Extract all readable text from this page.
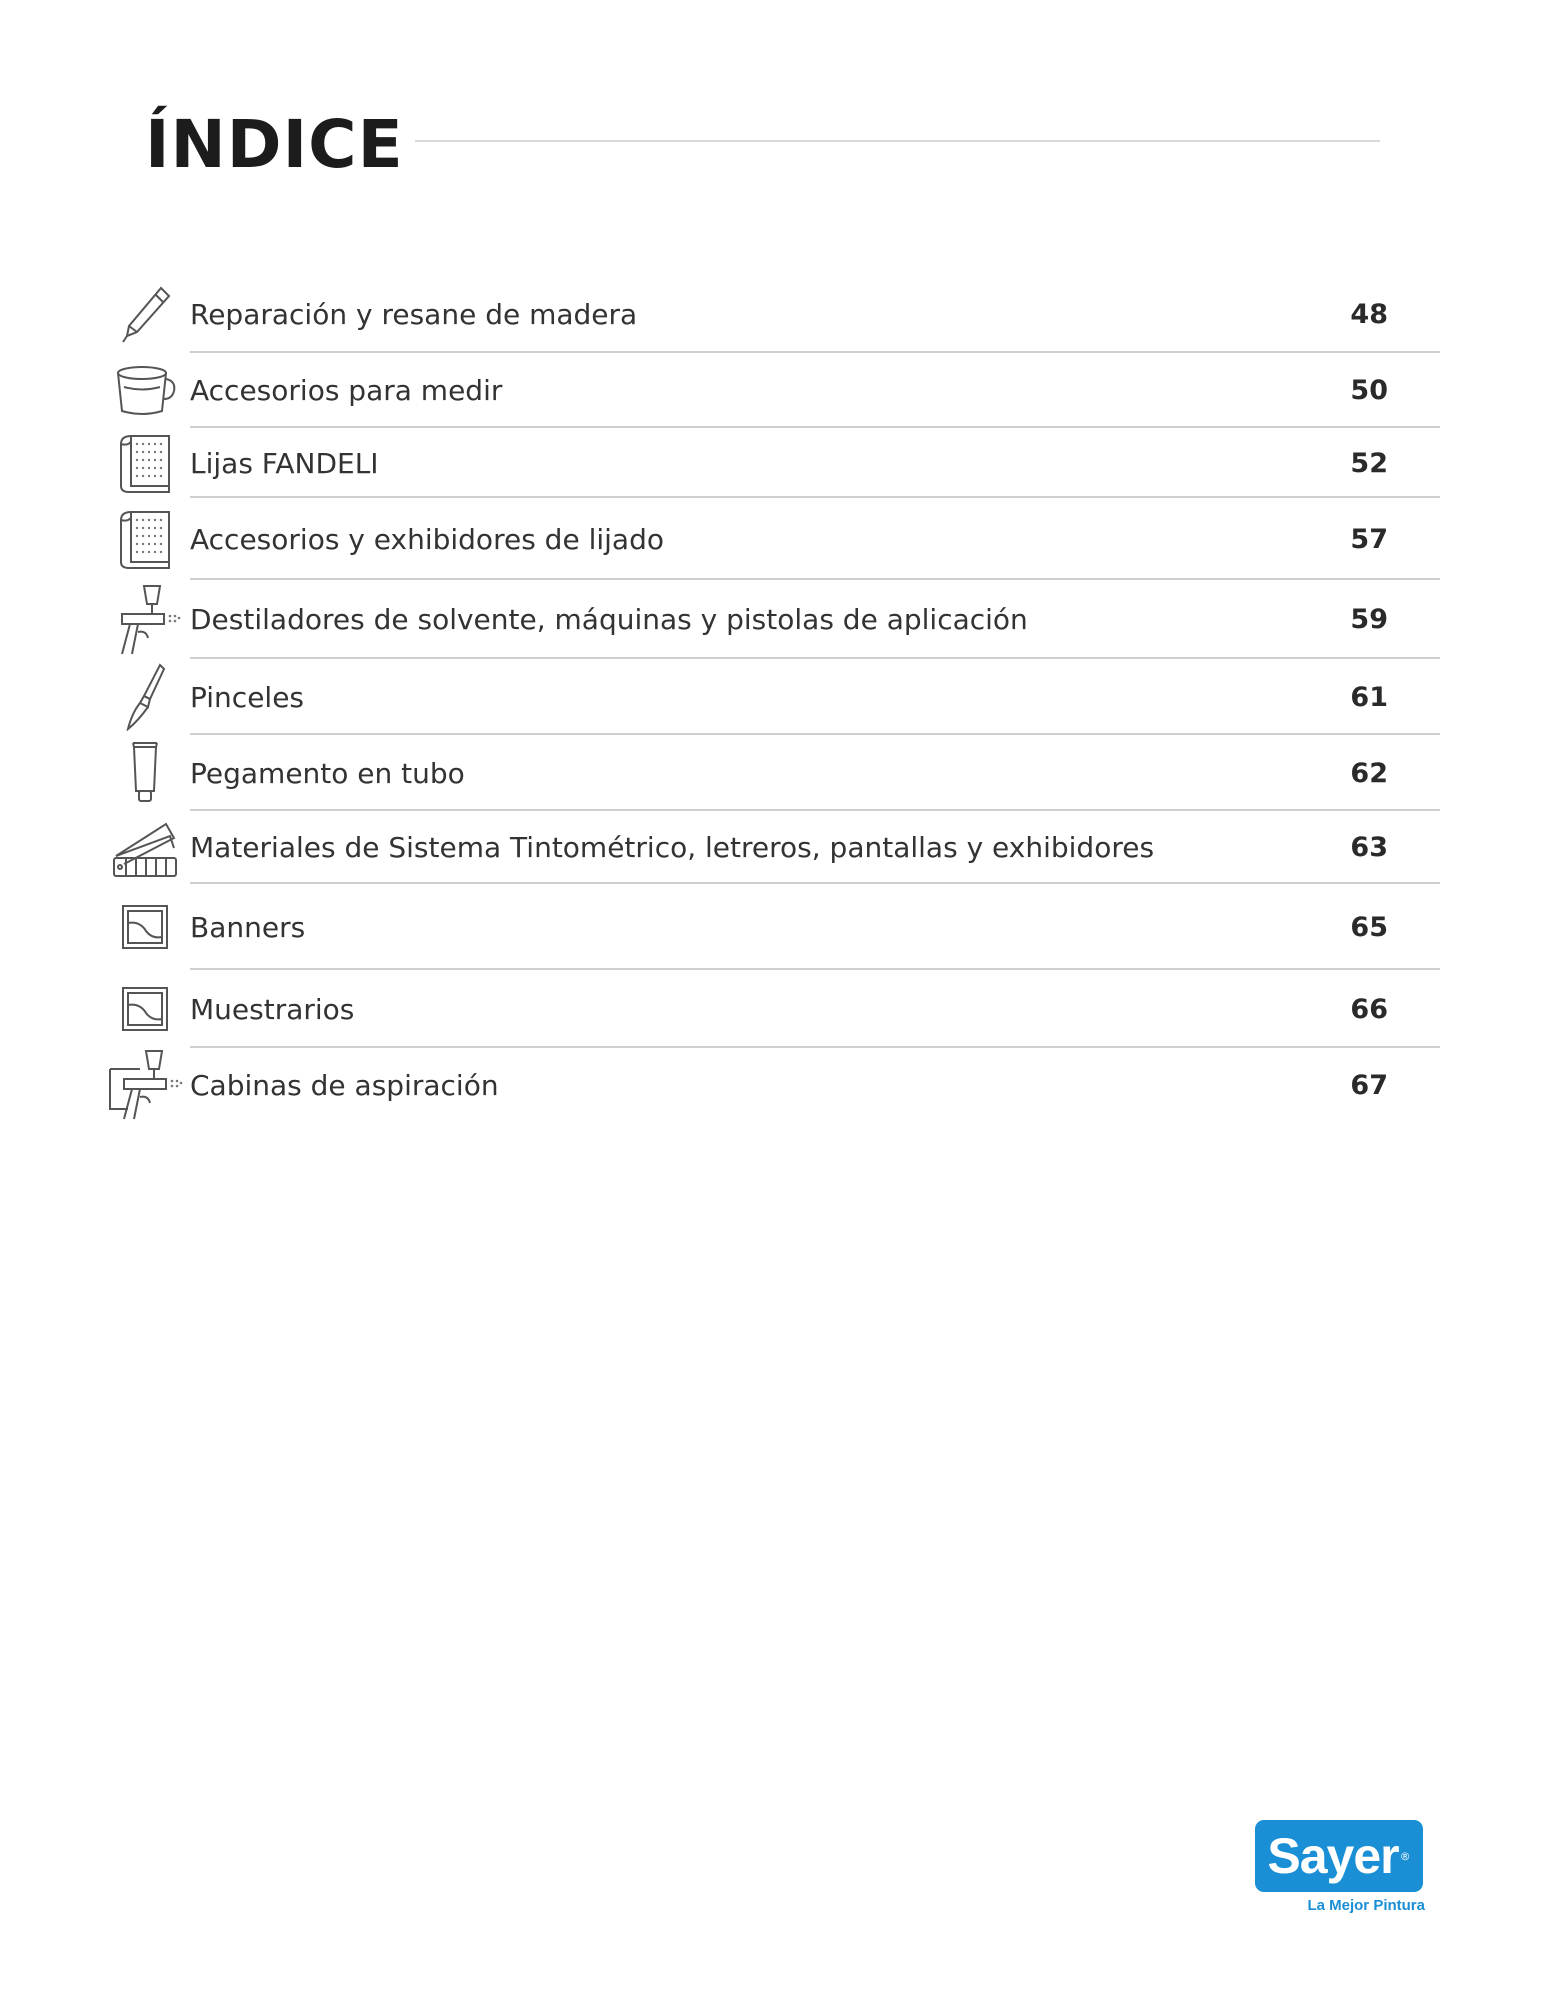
ÍNDICE
Reparación y resane de madera	48
Accesorios para medir	50
Lijas FANDELI	52
Accesorios y exhibidores de lijado	57
Destiladores de solvente, máquinas y pistolas de aplicación	59
Pinceles	61
Pegamento en tubo	62
Materiales de Sistema Tintométrico, letreros, pantallas y exhibidores	63
Banners	65
Muestrarios	66
Cabinas de aspiración	67
Sayer ®
La Mejor Pintura
